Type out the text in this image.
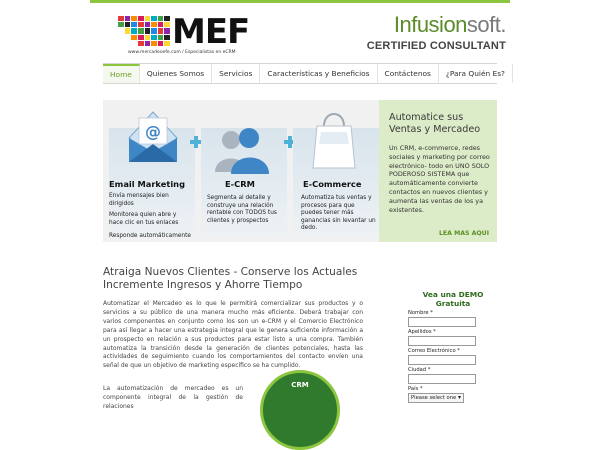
MEF
www.mercadeoefe.com / Especialistas en eCRM
Infusionsoft.
CERTIFIED CONSULTANT
Home	Quienes Somos	Servicios	Características y Beneficios	Contáctenos	¿Para Quién Es?
@
Email Marketing
Envía mensajes bien dirigidos
Monitorea quien abre y hace clic en tus enlaces
Responde automáticamente
E-CRM
Segmenta al detalle y construye una relación rentable con TODOS tus clientes y prospectos
E-Commerce
Automatiza tus ventas y procesos para que puedes tener más ganancias sin levantar un dedo.
Automatice sus Ventas y Mercadeo
Un CRM, e-commerce, redes sociales y marketing por correo electrónico- todo en UNO SOLO PODEROSO SISTEMA que automáticamente convierte contactos en nuevos clientes y aumenta las ventas de los ya existentes.
LEA MAS AQUI
Atraiga Nuevos Clientes - Conserve los Actuales Incremente Ingresos y Ahorre Tiempo
Automatizar el Mercadeo es lo que le permitirá comercializar sus productos y o servicios a su público de una manera mucho más eficiente. Deberá trabajar con varios componentes en conjunto como los son un e-CRM y el Comercio Electrónico para así llegar a hacer una estrategia integral que le genera suficiente información a un prospecto en relación a sus productos para estar listo a una compra. También automatiza la transición desde la generación de clientes potenciales, hasta las actividades de seguimiento cuando los comportamientos del contacto envíen una señal de que un objetivo de marketing específico se ha cumplido.
La automatización de mercadeo es un componente integral de la gestión de relaciones
CRM
Vea una DEMO Gratuita
Nombre *
Apellidos *
Correo Electrónico *
Ciudad *
País *
Please select one ▾
